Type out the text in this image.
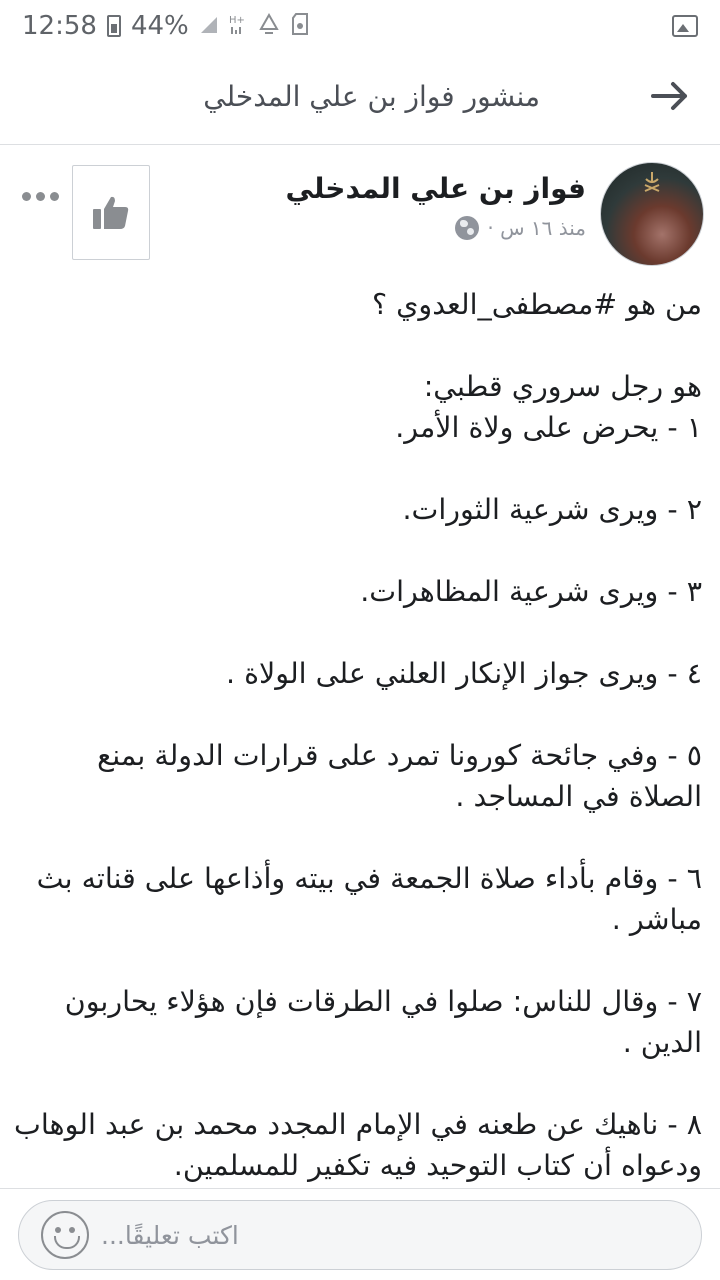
12:58 44%	H+
منشور فواز بن علي المدخلي
فواز بن علي المدخلي
منذ ١٦ س ·

من هو #مصطفى_العدوي ؟

هو رجل سروري قطبي:

١ - يحرض على ولاة الأمر.

٢ - ويرى شرعية الثورات.

٣ - ويرى شرعية المظاهرات.

٤ - ويرى جواز الإنكار العلني على الولاة .

٥ - وفي جائحة كورونا تمرد على قرارات الدولة بمنع

الصلاة في المساجد .

٦ - وقام بأداء صلاة الجمعة في بيته وأذاعها على قناته بث

مباشر .

٧ - وقال للناس: صلوا في الطرقات فإن هؤلاء يحاربون

الدين .

٨ - ناهيك عن طعنه في الإمام المجدد محمد بن عبد الوهاب

ودعواه أن كتاب التوحيد فيه تكفير للمسلمين.

اكتب تعليقًا...
